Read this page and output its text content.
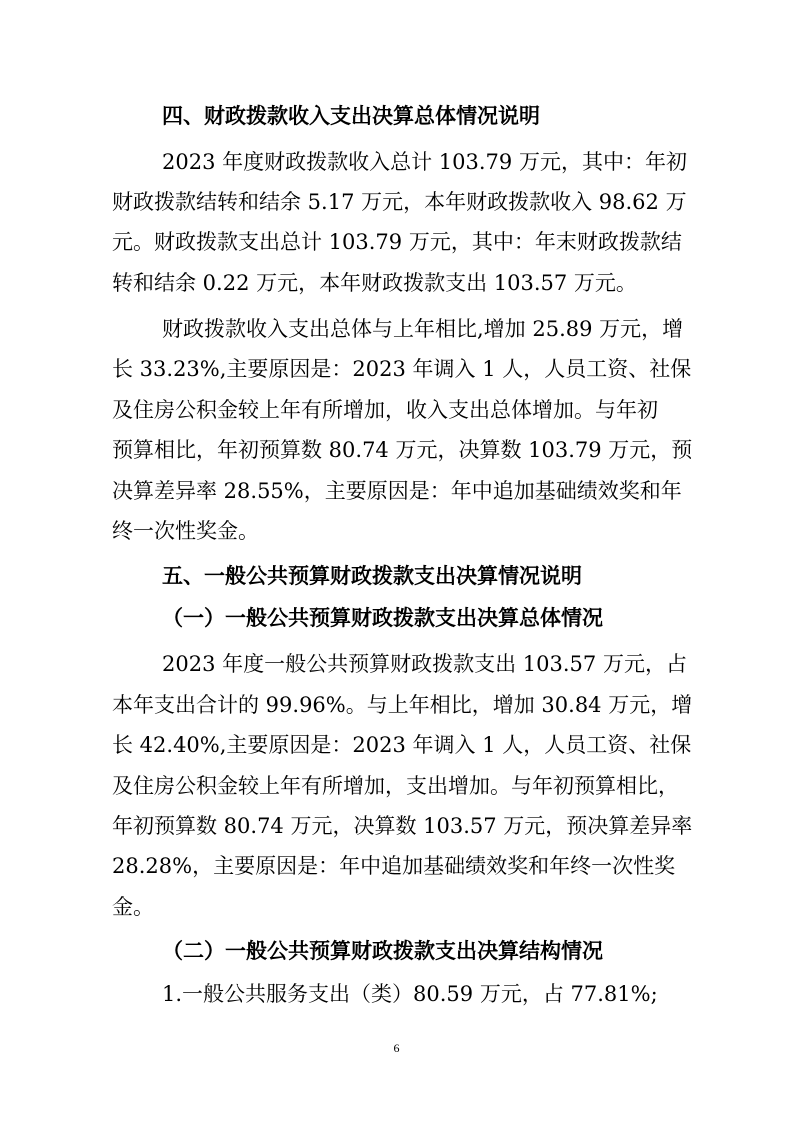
四、财政拨款收入支出决算总体情况说明

2023 年度财政拨款收入总计 103.79 万元，其中：年初

财政拨款结转和结余 5.17 万元，本年财政拨款收入 98.62 万

元。财政拨款支出总计 103.79 万元，其中：年末财政拨款结

转和结余 0.22 万元，本年财政拨款支出 103.57 万元。

财政拨款收入支出总体与上年相比,增加 25.89 万元，增

长 33.23%,主要原因是：2023 年调入 1 人，人员工资、社保

及住房公积金较上年有所增加，收入支出总体增加。与年初

预算相比，年初预算数 80.74 万元，决算数 103.79 万元，预

决算差异率 28.55%，主要原因是：年中追加基础绩效奖和年

终一次性奖金。

五、一般公共预算财政拨款支出决算情况说明

（一）一般公共预算财政拨款支出决算总体情况

2023 年度一般公共预算财政拨款支出 103.57 万元，占

本年支出合计的 99.96%。与上年相比，增加 30.84 万元，增

长 42.40%,主要原因是：2023 年调入 1 人，人员工资、社保

及住房公积金较上年有所增加，支出增加。与年初预算相比，

年初预算数 80.74 万元，决算数 103.57 万元，预决算差异率

28.28%，主要原因是：年中追加基础绩效奖和年终一次性奖

金。

（二）一般公共预算财政拨款支出决算结构情况

1.一般公共服务支出（类）80.59 万元，占 77.81%;

6
